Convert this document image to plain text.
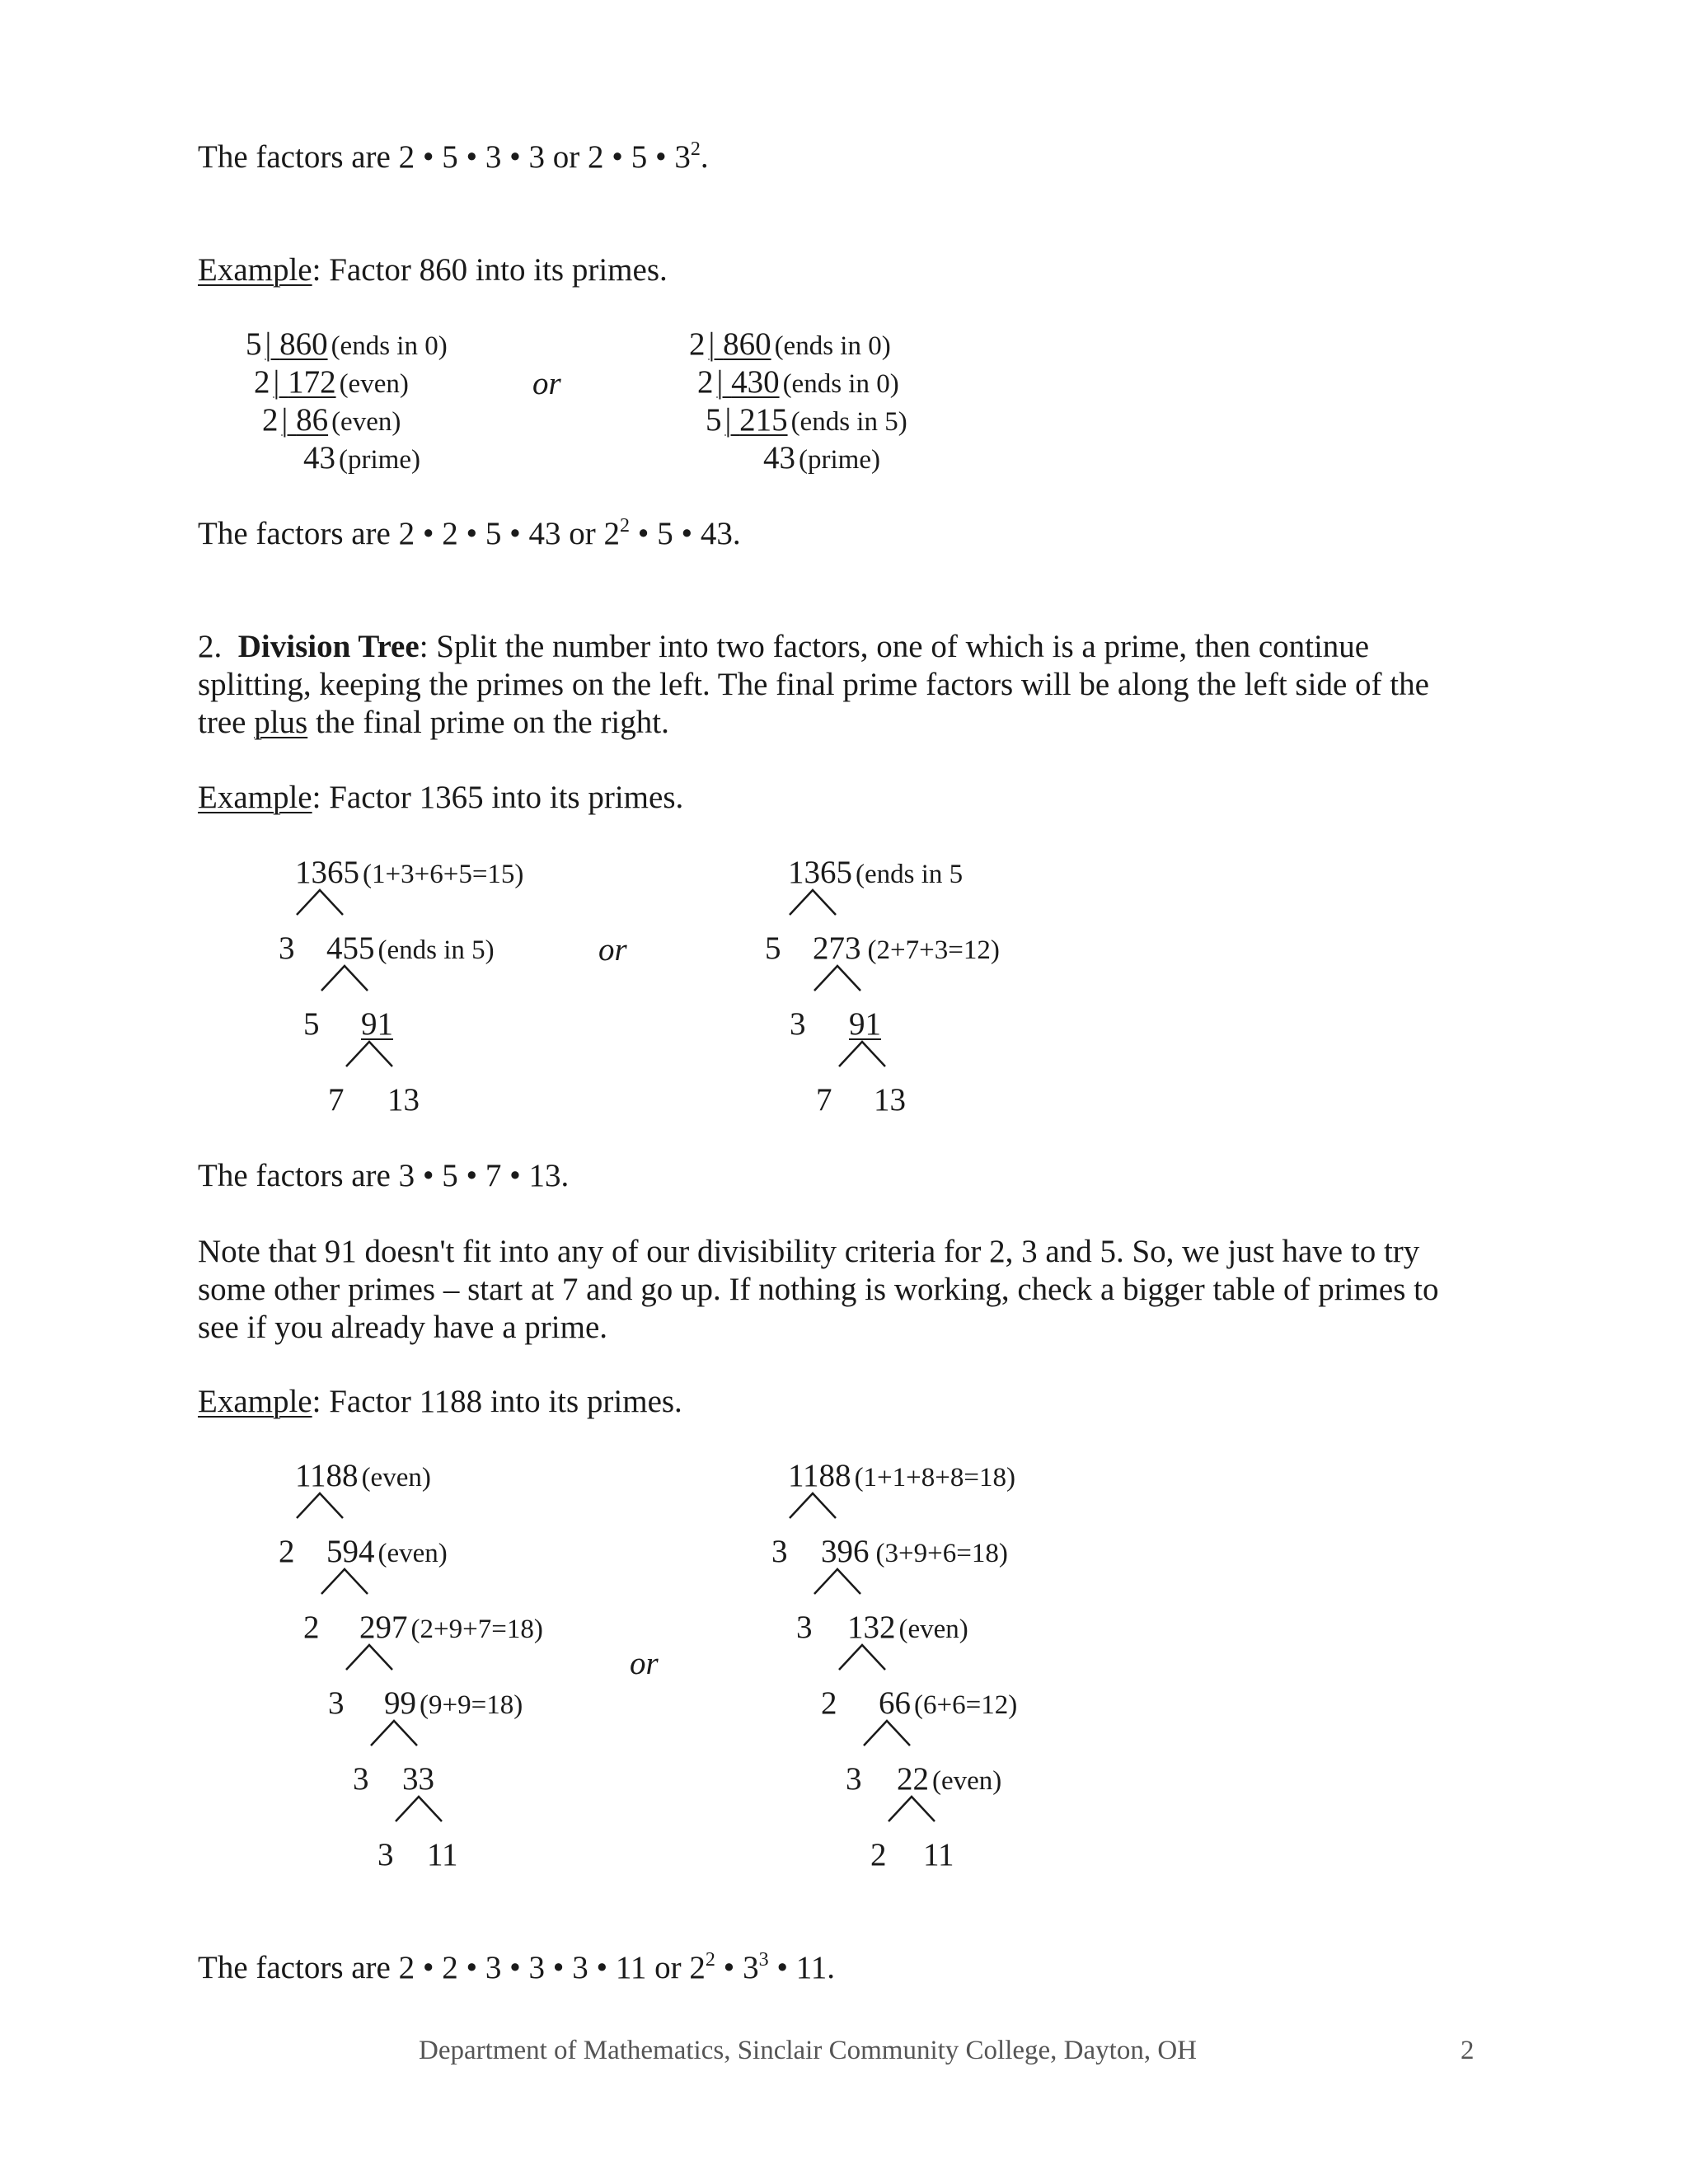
The factors are 2 • 5 • 3 • 3 or 2 • 5 • $3^2$.
Example: Factor 860 into its primes.
5 | 860 (ends in 0)
2 | 172 (even)
2 | 86 (even)
43 (prime)
or
2 | 860 (ends in 0)
2 | 430 (ends in 0)
5 | 215 (ends in 5)
43 (prime)
The factors are 2 • 2 • 5 • 43 or $2^2$ • 5 • 43.
2. Division Tree: Split the number into two factors, one of which is a prime, then continue
splitting, keeping the primes on the left. The final prime factors will be along the left side of the
tree plus the final prime on the right.
Example: Factor 1365 into its primes.
1365 (1+3+6+5=15)
3 455 (ends in 5)
5 91
7 13
or
1365 (ends in 5
5 273 (2+7+3=12)
3 91
7 13
The factors are 3 • 5 • 7 • 13.
Note that 91 doesn't fit into any of our divisibility criteria for 2, 3 and 5. So, we just have to try
some other primes – start at 7 and go up. If nothing is working, check a bigger table of primes to
see if you already have a prime.
Example: Factor 1188 into its primes.
1188 (even)
2 594 (even)
2 297 (2+9+7=18)
3 99 (9+9=18)
3 33
3 11
or
1188 (1+1+8+8=18)
3 396 (3+9+6=18)
3 132 (even)
2 66 (6+6=12)
3 22 (even)
2 11
The factors are 2 • 2 • 3 • 3 • 3 • 11 or $2^2$ • $3^3$ • 11.
Department of Mathematics, Sinclair Community College, Dayton, OH	2
